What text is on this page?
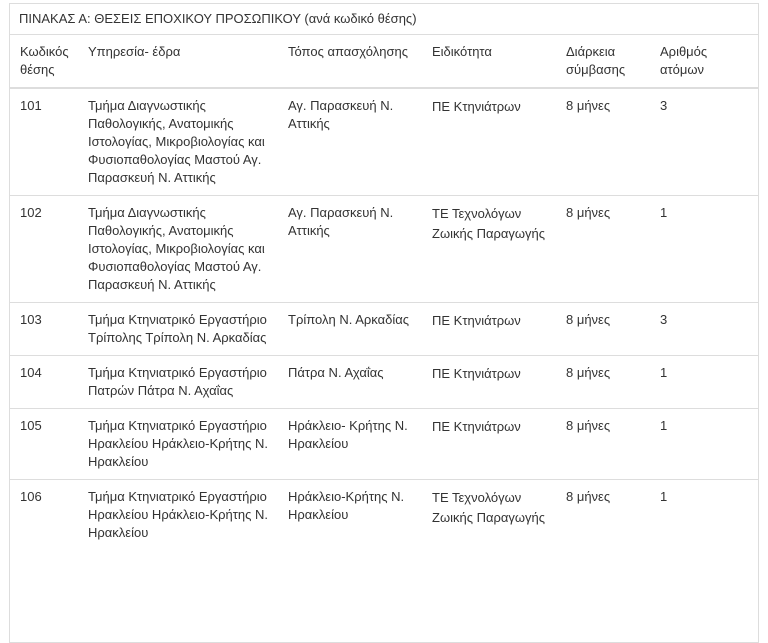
ΠΙΝΑΚΑΣ Α: ΘΕΣΕΙΣ ΕΠΟΧΙΚΟΥ ΠΡΟΣΩΠΙΚΟΥ (ανά κωδικό θέσης)
Κωδικός θέσης	Υπηρεσία- έδρα	Τόπος απασχόλησης	Ειδικότητα	Διάρκεια σύμβασης	Αριθμός ατόμων
101	Τμήμα Διαγνωστικής Παθολογικής, Ανατομικής Ιστολογίας, Μικροβιολογίας και Φυσιοπαθολογίας Μαστού Αγ. Παρασκευή Ν. Αττικής	Αγ. Παρασκευή Ν. Αττικής	ΠΕ Κτηνιάτρων	8 μήνες	3
102	Τμήμα Διαγνωστικής Παθολογικής, Ανατομικής Ιστολογίας, Μικροβιολογίας και Φυσιοπαθολογίας Μαστού Αγ. Παρασκευή Ν. Αττικής	Αγ. Παρασκευή Ν. Αττικής	ΤΕ Τεχνολόγων Ζωικής Παραγωγής	8 μήνες	1
103	Τμήμα Κτηνιατρικό Εργαστήριο Τρίπολης Τρίπολη Ν. Αρκαδίας	Τρίπολη Ν. Αρκαδίας	ΠΕ Κτηνιάτρων	8 μήνες	3
104	Τμήμα Κτηνιατρικό Εργαστήριο Πατρών Πάτρα Ν. Αχαΐας	Πάτρα Ν. Αχαΐας	ΠΕ Κτηνιάτρων	8 μήνες	1
105	Τμήμα Κτηνιατρικό Εργαστήριο Ηρακλείου Ηράκλειο-Κρήτης Ν. Ηρακλείου	Ηράκλειο- Κρήτης Ν. Ηρακλείου	ΠΕ Κτηνιάτρων	8 μήνες	1
106	Τμήμα Κτηνιατρικό Εργαστήριο Ηρακλείου Ηράκλειο-Κρήτης Ν. Ηρακλείου	Ηράκλειο-Κρήτης Ν. Ηρακλείου	ΤΕ Τεχνολόγων Ζωικής Παραγωγής	8 μήνες	1
